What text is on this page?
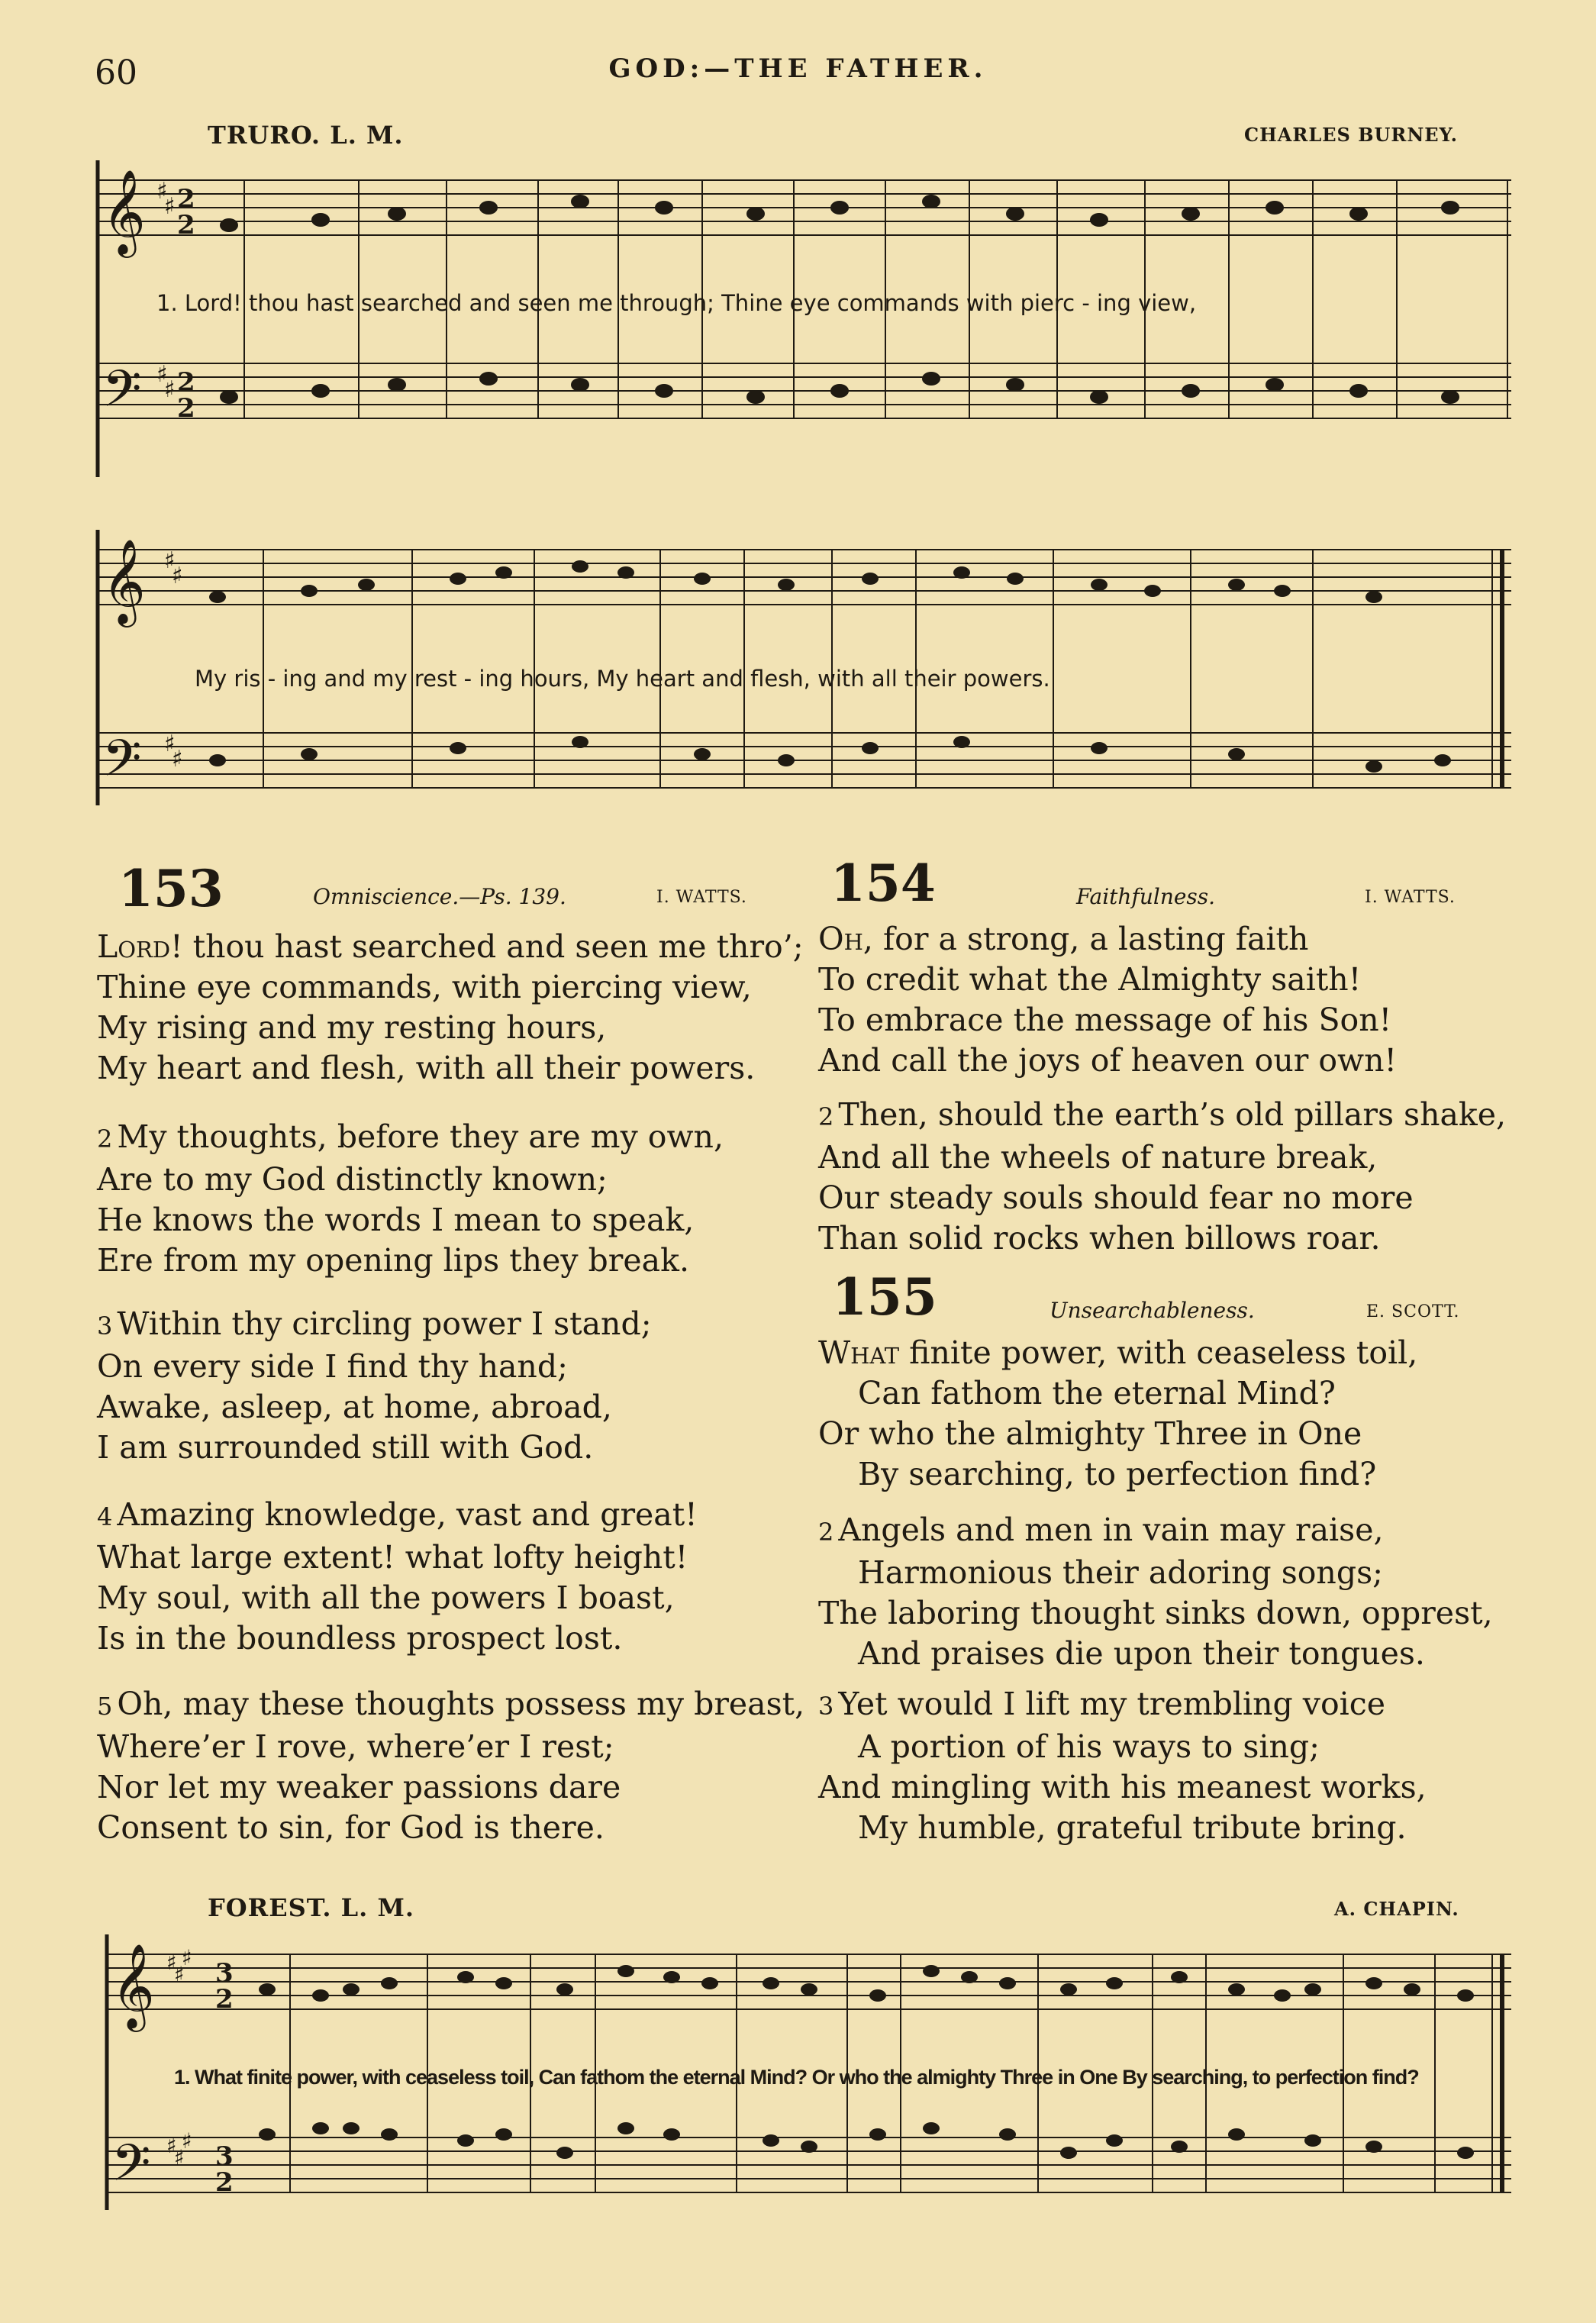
60	GOD:—THE FATHER.
TRURO. L. M.	CHARLES BURNEY.
𝄞
𝄢
2
2
2
2
♯
♯
♯
♯
1. Lord! thou hast searched and seen me through; Thine eye commands with pierc - ing view,
𝄞
𝄢
♯
♯
♯
♯
My ris - ing and my rest - ing hours, My heart and flesh, with all their powers.
153	Omniscience.—Ps. 139.	I. WATTS.
Lord! thou hast searched and seen me thro’;
Thine eye commands, with piercing view,
My rising and my resting hours,
My heart and flesh, with all their powers.
2 My thoughts, before they are my own,
Are to my God distinctly known;
He knows the words I mean to speak,
Ere from my opening lips they break.
3 Within thy circling power I stand;
On every side I find thy hand;
Awake, asleep, at home, abroad,
I am surrounded still with God.
4 Amazing knowledge, vast and great!
What large extent! what lofty height!
My soul, with all the powers I boast,
Is in the boundless prospect lost.
5 Oh, may these thoughts possess my breast,
Where’er I rove, where’er I rest;
Nor let my weaker passions dare
Consent to sin, for God is there.
154	Faithfulness.	I. WATTS.
Oh, for a strong, a lasting faith
To credit what the Almighty saith!
To embrace the message of his Son!
And call the joys of heaven our own!
2 Then, should the earth’s old pillars shake,
And all the wheels of nature break,
Our steady souls should fear no more
Than solid rocks when billows roar.
155	Unsearchableness.	E. SCOTT.
What finite power, with ceaseless toil,
Can fathom the eternal Mind?
Or who the almighty Three in One
By searching, to perfection find?
2 Angels and men in vain may raise,
Harmonious their adoring songs;
The laboring thought sinks down, opprest,
And praises die upon their tongues.
3 Yet would I lift my trembling voice
A portion of his ways to sing;
And mingling with his meanest works,
My humble, grateful tribute bring.
FOREST. L. M.	A. CHAPIN.
𝄞
𝄢
♯
♯
♯
♯
♯
♯
3
2
3
2
1. What finite power, with ceaseless toil, Can fathom the eternal Mind? Or who the almighty Three in One By searching, to perfection find?
